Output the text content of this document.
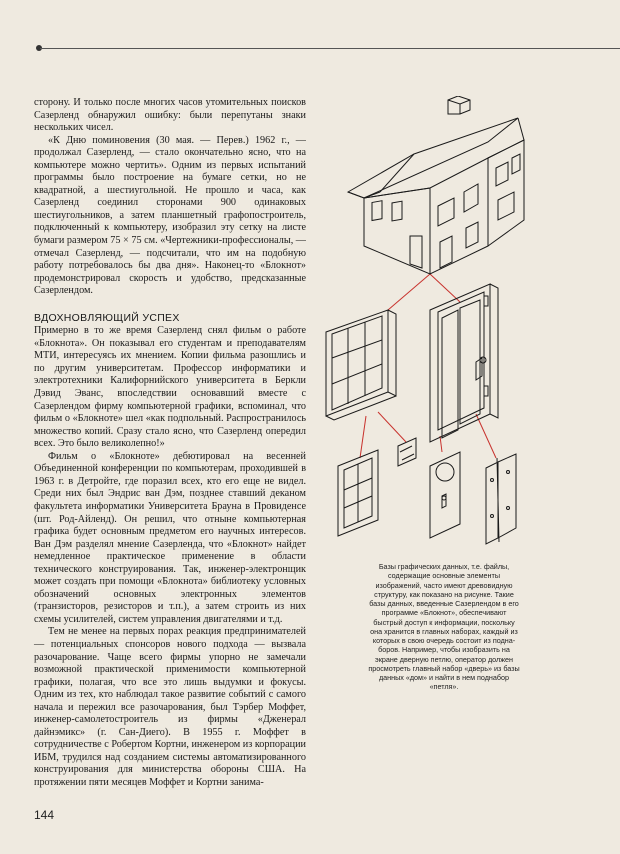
сторону. И только после многих часов утомительных поисков Сазерленд обнаружил ошибку: были перепутаны знаки нескольких чисел.

«К Дню поминовения (30 мая. — Перев.) 1962 г., — продолжал Сазерленд, — стало окончательно ясно, что на компьютере можно чертить». Одним из первых испытаний программы было построение на бумаге сетки, но не квадратной, а шестиугольной. Не прошло и часа, как Сазерленд соединил сторонами 900 одинаковых шестиугольников, а затем планшетный графопостроитель, подключенный к компьютеру, изобразил эту сетку на листе бумаги размером 75 × 75 см. «Чертежники-профессионалы, — отмечал Сазерленд, — подсчитали, что им на подобную работу потребовалось бы два дня». Наконец-то «Блокнот» продемонстрировал скорость и удобство, предсказанные Сазерлендом.

ВДОХНОВЛЯЮЩИЙ УСПЕХ

Примерно в то же время Сазерленд снял фильм о работе «Блокнота». Он показывал его студентам и преподавателям МТИ, интересуясь их мнением. Копии фильма разошлись и по другим университетам. Профессор информатики и электротехники Калифорнийского университета в Беркли Дэвид Эванс, впоследствии основавший вместе с Сазерлендом фирму компьютерной графики, вспоминал, что фильм о «Блокноте» шел «как подпольный. Распространилось множество копий. Сразу стало ясно, что Сазерленд опередил всех. Это было великолепно!»

Фильм о «Блокноте» дебютировал на весенней Объединенной конференции по компьютерам, проходившей в 1963 г. в Детройте, где поразил всех, кто его еще не видел. Среди них был Эндрис ван Дэм, позднее ставший деканом факультета информатики Университета Брауна в Провиденсе (шт. Род-Айленд). Он решил, что отныне компьютерная графика будет основным предметом его научных интересов. Ван Дэм разделял мнение Сазерленда, что «Блокнот» найдет немедленное практическое применение в области технического конструирования. Так, инженер-электронщик может создать при помощи «Блокнота» библиотеку условных обозначений основных электронных элементов (транзисторов, резисторов и т.п.), а затем строить из них схемы усилителей, систем управления двигателями и т.д.

Тем не менее на первых порах реакция предпринимателей — потенциальных спонсоров нового подхода — вызвала разочарование. Чаще всего фирмы упорно не замечали возможной практической применимости компьютерной графики, полагая, что все это лишь выдумки и фокусы. Одним из тех, кто наблюдал такое развитие событий с самого начала и пережил все разочарования, был Тэрбер Моффет, инженер-самолетостроитель из фирмы «Дженерал дайнэмикс» (г. Сан-Диего). В 1955 г. Моффет в сотрудничестве с Робертом Кортни, инженером из корпорации ИБМ, трудился над созданием системы автоматизированного конструирования для министерства обороны США. На протяжении пяти месяцев Моффет и Кортни занима-

Базы графических данных, т.е. файлы, содержащие основные элементы изображений, часто имеют древовидную структуру, как показано на рисунке. Такие базы данных, введенные Сазерлендом в его программе «Блокнот», обеспечивают быстрый доступ к информации, поскольку она хранится в главных наборах, каждый из которых в свою очередь состоит из поднаборов. Например, чтобы изобразить на экране дверную петлю, оператор должен просмотреть главный набор «дверь» из базы данных «дом» и найти в нем поднабор «петля».
144
